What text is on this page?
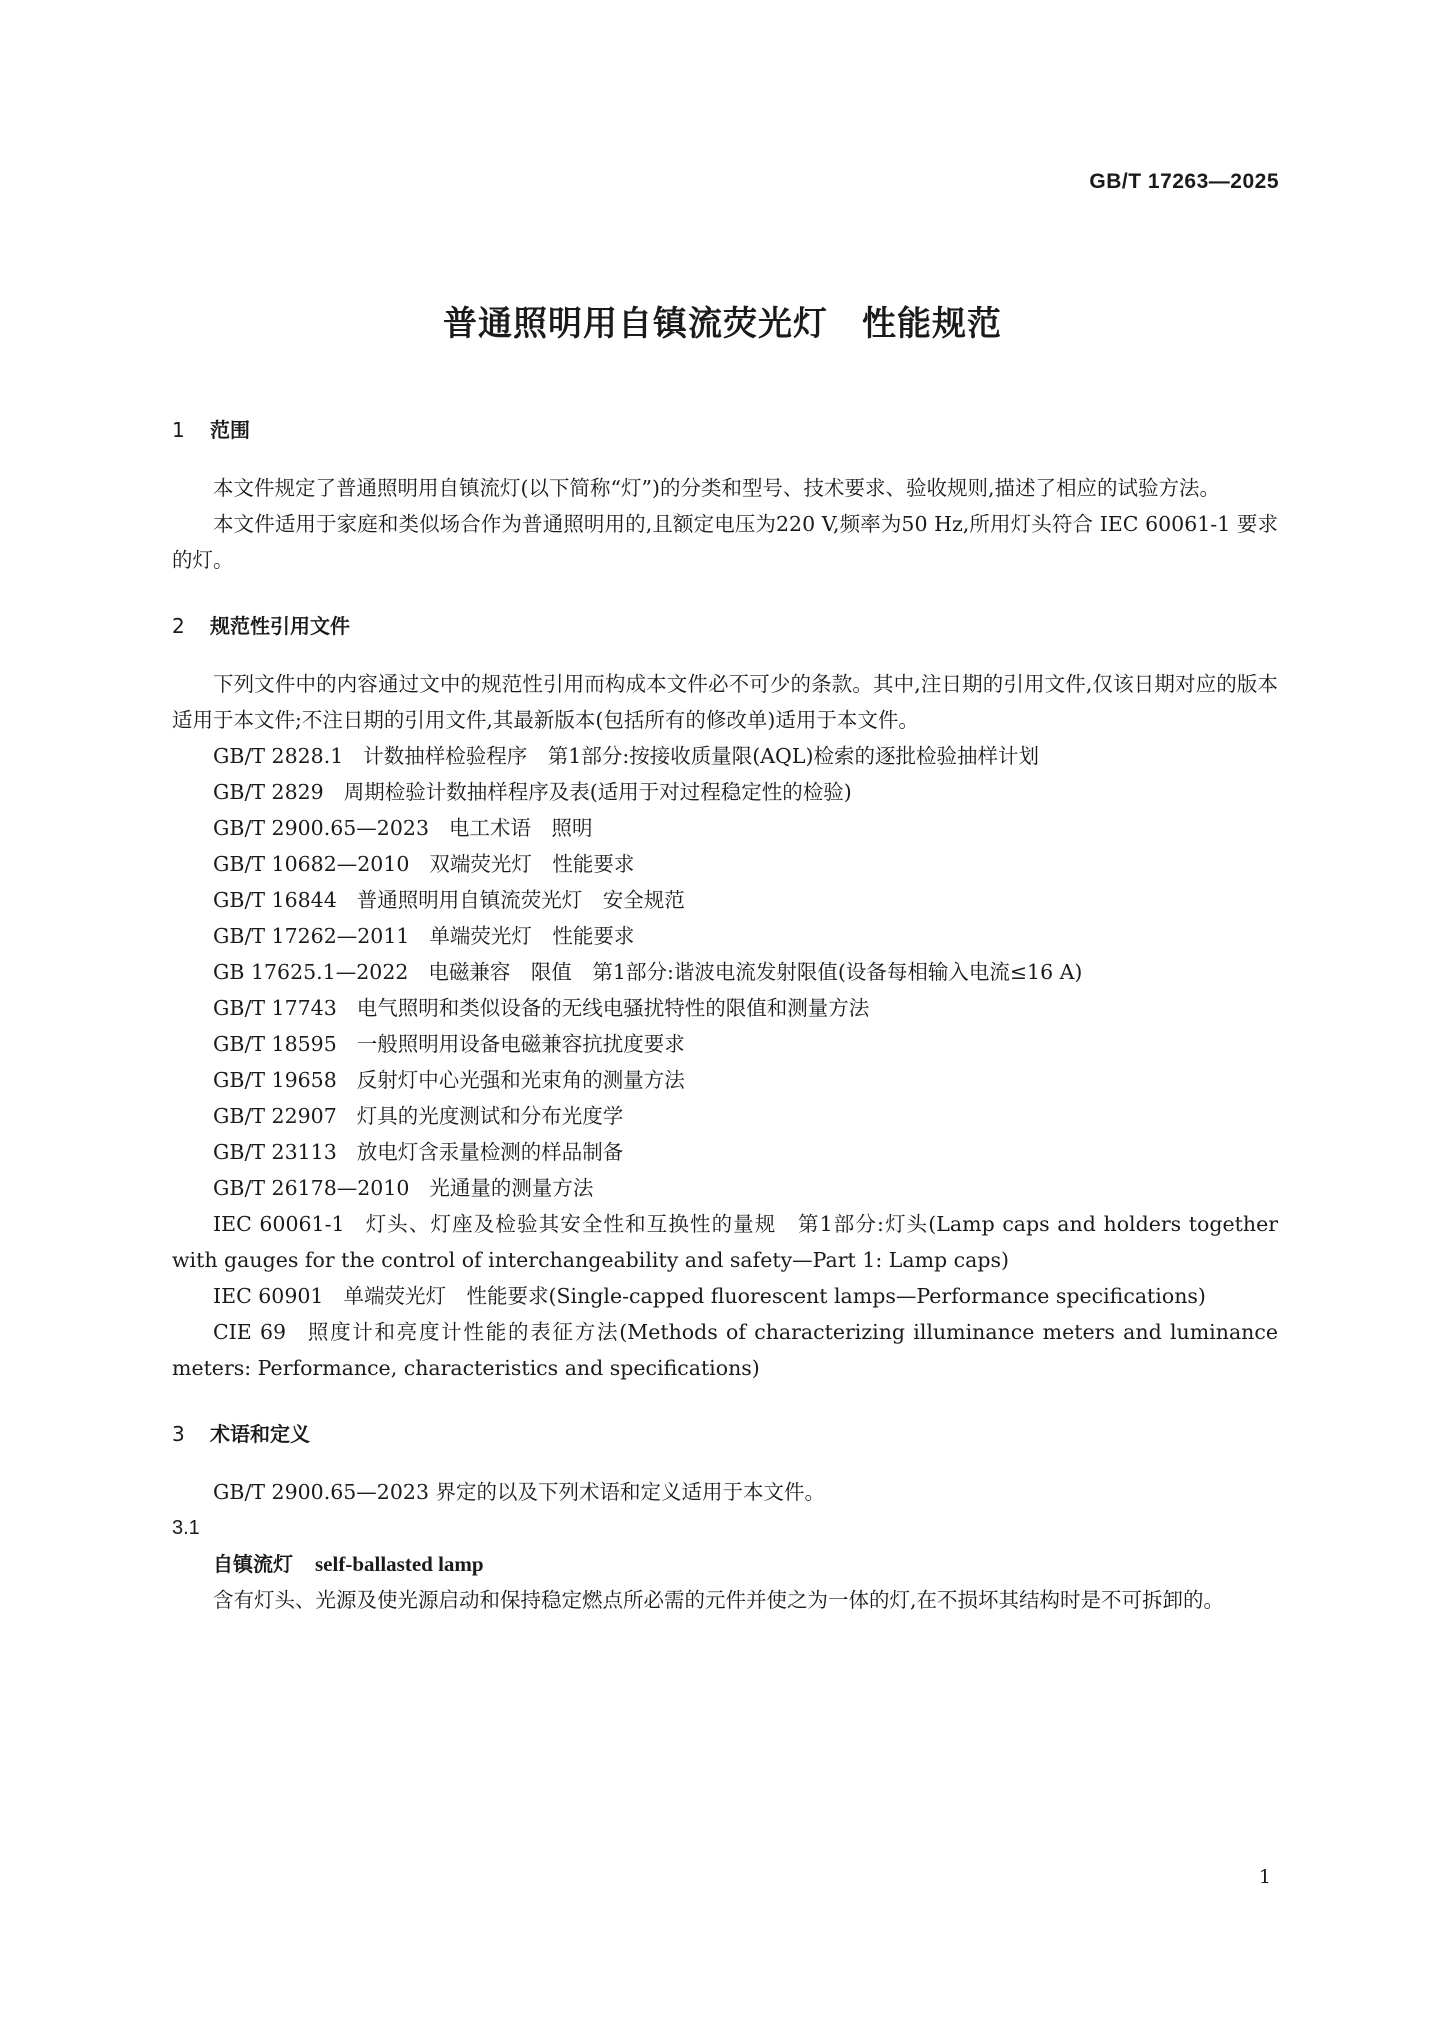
GB/T 17263—2025
普通照明用自镇流荧光灯 性能规范
1 范围

本文件规定了普通照明用自镇流灯(以下简称“灯”)的分类和型号、技术要求、验收规则,描述了相应的试验方法。

本文件适用于家庭和类似场合作为普通照明用的,且额定电压为220 V,频率为50 Hz,所用灯头符合 IEC 60061-1 要求的灯。

2 规范性引用文件

下列文件中的内容通过文中的规范性引用而构成本文件必不可少的条款。其中,注日期的引用文件,仅该日期对应的版本适用于本文件;不注日期的引用文件,其最新版本(包括所有的修改单)适用于本文件。

GB/T 2828.1 计数抽样检验程序　第1部分:按接收质量限(AQL)检索的逐批检验抽样计划

GB/T 2829 周期检验计数抽样程序及表(适用于对过程稳定性的检验)

GB/T 2900.65—2023 电工术语　照明

GB/T 10682—2010 双端荧光灯　性能要求

GB/T 16844 普通照明用自镇流荧光灯　安全规范

GB/T 17262—2011 单端荧光灯　性能要求

GB 17625.1—2022 电磁兼容　限值　第1部分:谐波电流发射限值(设备每相输入电流≤16 A)

GB/T 17743 电气照明和类似设备的无线电骚扰特性的限值和测量方法

GB/T 18595 一般照明用设备电磁兼容抗扰度要求

GB/T 19658 反射灯中心光强和光束角的测量方法

GB/T 22907 灯具的光度测试和分布光度学

GB/T 23113 放电灯含汞量检测的样品制备

GB/T 26178—2010 光通量的测量方法

IEC 60061-1 灯头、灯座及检验其安全性和互换性的量规　第1部分:灯头(Lamp caps and holders together with gauges for the control of interchangeability and safety—Part 1: Lamp caps)

IEC 60901 单端荧光灯　性能要求(Single-capped fluorescent lamps—Performance specifications)

CIE 69 照度计和亮度计性能的表征方法(Methods of characterizing illuminance meters and luminance meters: Performance, characteristics and specifications)

3 术语和定义

GB/T 2900.65—2023 界定的以及下列术语和定义适用于本文件。

3.1

自镇流灯 self-ballasted lamp

含有灯头、光源及使光源启动和保持稳定燃点所必需的元件并使之为一体的灯,在不损坏其结构时是不可拆卸的。

1
